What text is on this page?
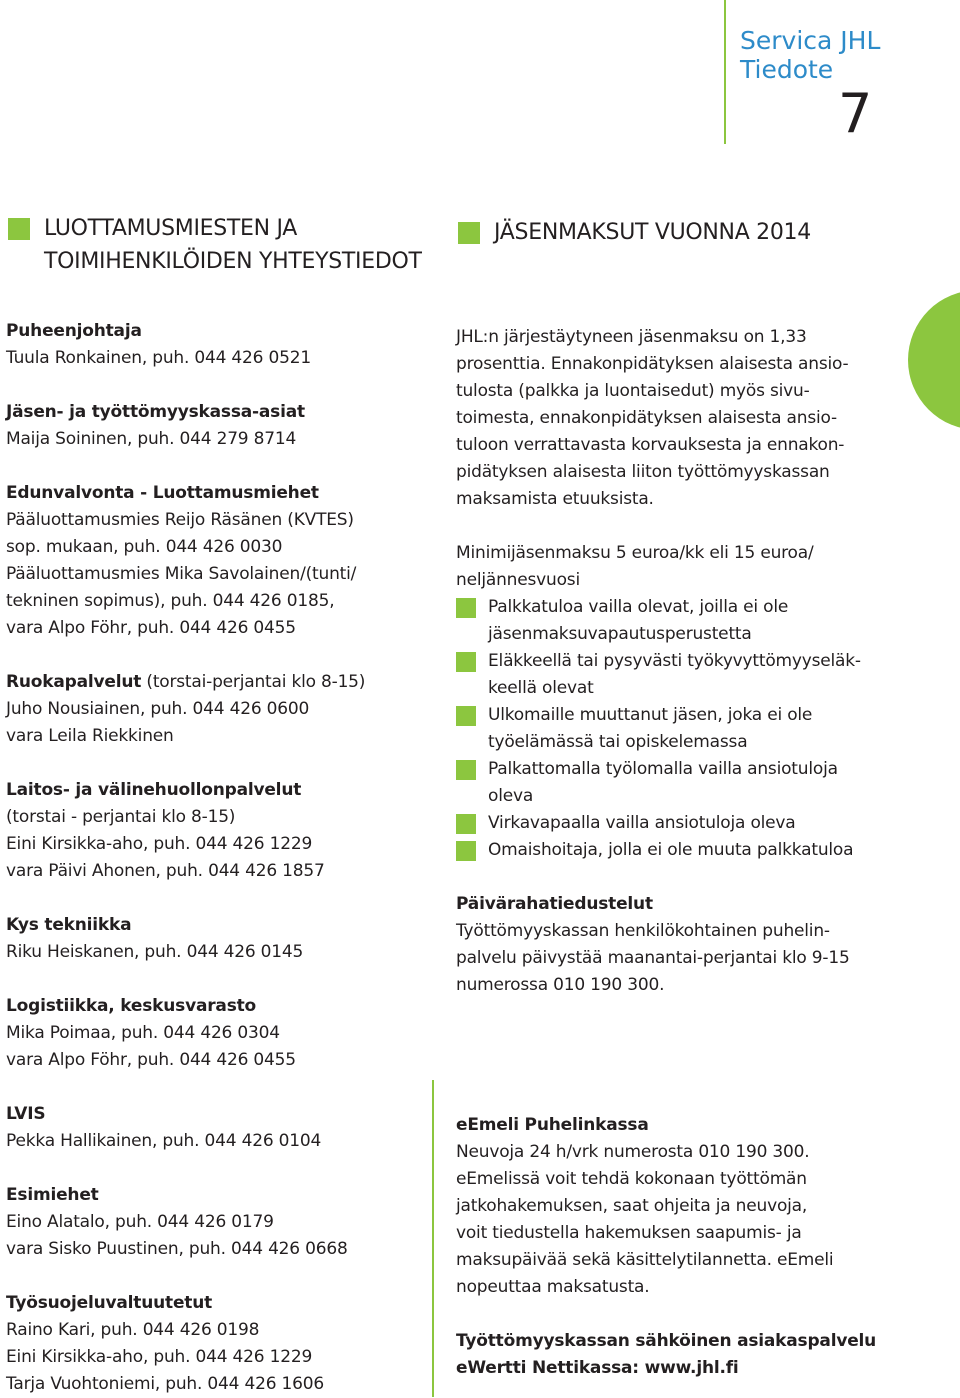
Servica JHL
Tiedote
7
LUOTTAMUSMIESTEN JA
TOIMIHENKILÖIDEN YHTEYSTIEDOT
JÄSENMAKSUT VUONNA 2014

Puheenjohtaja

Tuula Ronkainen, puh. 044 426 0521

Jäsen- ja työttömyyskassa-asiat

Maija Soininen, puh. 044 279 8714

Edunvalvonta - Luottamusmiehet

Pääluottamusmies Reijo Räsänen (KVTES)

sop. mukaan, puh. 044 426 0030

Pääluottamusmies Mika Savolainen/(tunti/

tekninen sopimus), puh. 044 426 0185,

vara Alpo Föhr, puh. 044 426 0455

Ruokapalvelut (torstai-perjantai klo 8-15)

Juho Nousiainen, puh. 044 426 0600

vara Leila Riekkinen

Laitos- ja välinehuollonpalvelut

(torstai - perjantai klo 8-15)

Eini Kirsikka-aho, puh. 044 426 1229

vara Päivi Ahonen, puh. 044 426 1857

Kys tekniikka

Riku Heiskanen, puh. 044 426 0145

Logistiikka, keskusvarasto

Mika Poimaa, puh. 044 426 0304

vara Alpo Föhr, puh. 044 426 0455

LVIS

Pekka Hallikainen, puh. 044 426 0104

Esimiehet

Eino Alatalo, puh. 044 426 0179

vara Sisko Puustinen, puh. 044 426 0668

Työsuojeluvaltuutetut

Raino Kari, puh. 044 426 0198

Eini Kirsikka-aho, puh. 044 426 1229

Tarja Vuohtoniemi, puh. 044 426 1606

JHL:n järjestäytyneen jäsenmaksu on 1,33

prosenttia. Ennakonpidätyksen alaisesta ansio-

tulosta (palkka ja luontaisedut) myös sivu-

toimesta, ennakonpidätyksen alaisesta ansio-

tuloon verrattavasta korvauksesta ja ennakon-

pidätyksen alaisesta liiton työttömyyskassan

maksamista etuuksista.

Minimijäsenmaksu 5 euroa/kk eli 15 euroa/

neljännesvuosi

Palkkatuloa vailla olevat, joilla ei ole

jäsenmaksuvapautusperustetta

Eläkkeellä tai pysyvästi työkyvyttömyyseläk-

keellä olevat

Ulkomaille muuttanut jäsen, joka ei ole

työelämässä tai opiskelemassa

Palkattomalla työlomalla vailla ansiotuloja

oleva

Virkavapaalla vailla ansiotuloja oleva

Omaishoitaja, jolla ei ole muuta palkkatuloa

Päivärahatiedustelut

Työttömyyskassan henkilökohtainen puhelin-

palvelu päivystää maanantai-perjantai klo 9-15

numerossa 010 190 300.

eEmeli Puhelinkassa

Neuvoja 24 h/vrk numerosta 010 190 300.

eEmelissä voit tehdä kokonaan työttömän

jatkohakemuksen, saat ohjeita ja neuvoja,

voit tiedustella hakemuksen saapumis- ja

maksupäivää sekä käsittelytilannetta. eEmeli

nopeuttaa maksatusta.

Työttömyyskassan sähköinen asiakaspalvelu

eWertti Nettikassa: www.jhl.fi
